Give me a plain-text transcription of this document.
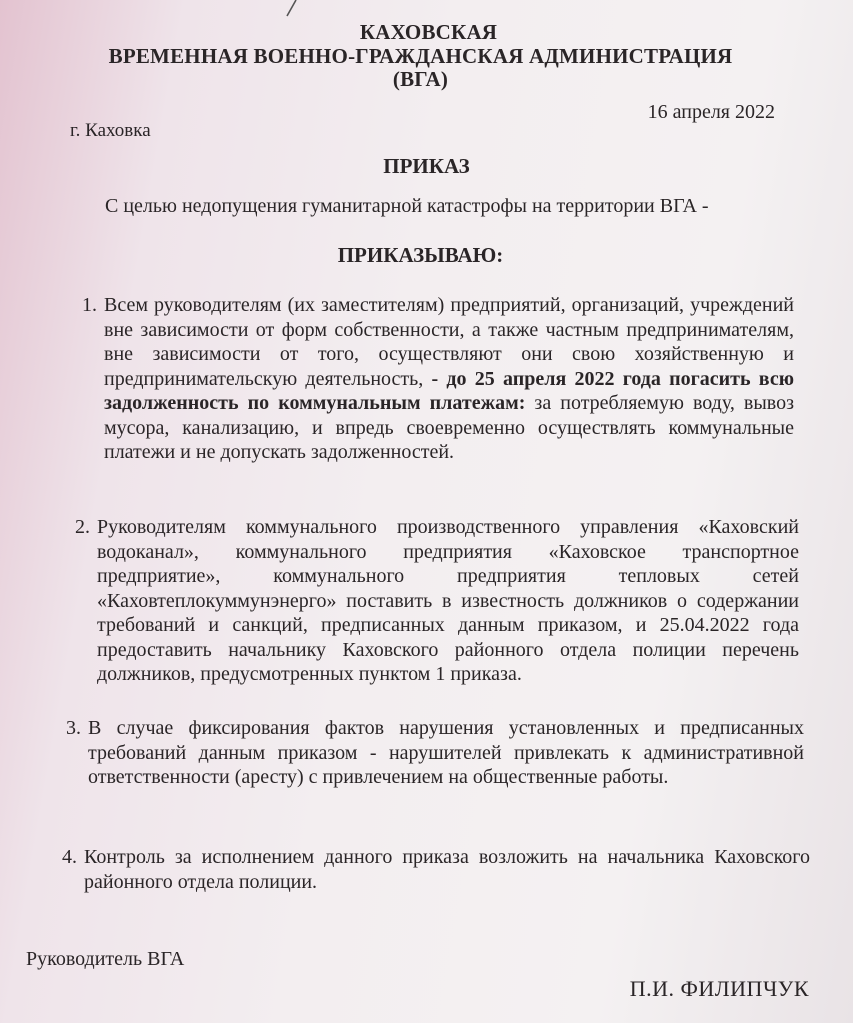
КАХОВСКАЯ
ВРЕМЕННАЯ ВОЕННО-ГРАЖДАНСКАЯ АДМИНИСТРАЦИЯ
(ВГА)
16 апреля 2022
г. Каховка
ПРИКАЗ
С целью недопущения гуманитарной катастрофы на территории ВГА -
ПРИКАЗЫВАЮ:
1. Всем руководителям (их заместителям) предприятий, организаций, учреждений вне зависимости от форм собственности, а также частным предпринимателям, вне зависимости от того, осуществляют они свою хозяйственную и предпринимательскую деятельность, - до 25 апреля 2022 года погасить всю задолженность по коммунальным платежам: за потребляемую воду, вывоз мусора, канализацию, и впредь своевременно осуществлять коммунальные платежи и не допускать задолженностей.
2. Руководителям коммунального производственного управления «Каховский водоканал», коммунального предприятия «Каховское транспортное предприятие», коммунального предприятия тепловых сетей «Каховтеплокуммунэнерго» поставить в известность должников о содержании требований и санкций, предписанных данным приказом, и 25.04.2022 года предоставить начальнику Каховского районного отдела полиции перечень должников, предусмотренных пунктом 1 приказа.
3. В случае фиксирования фактов нарушения установленных и предписанных требований данным приказом - нарушителей привлекать к административной ответственности (аресту) с привлечением на общественные работы.
4. Контроль за исполнением данного приказа возложить на начальника Каховского районного отдела полиции.
Руководитель ВГА
П.И. ФИЛИПЧУК
